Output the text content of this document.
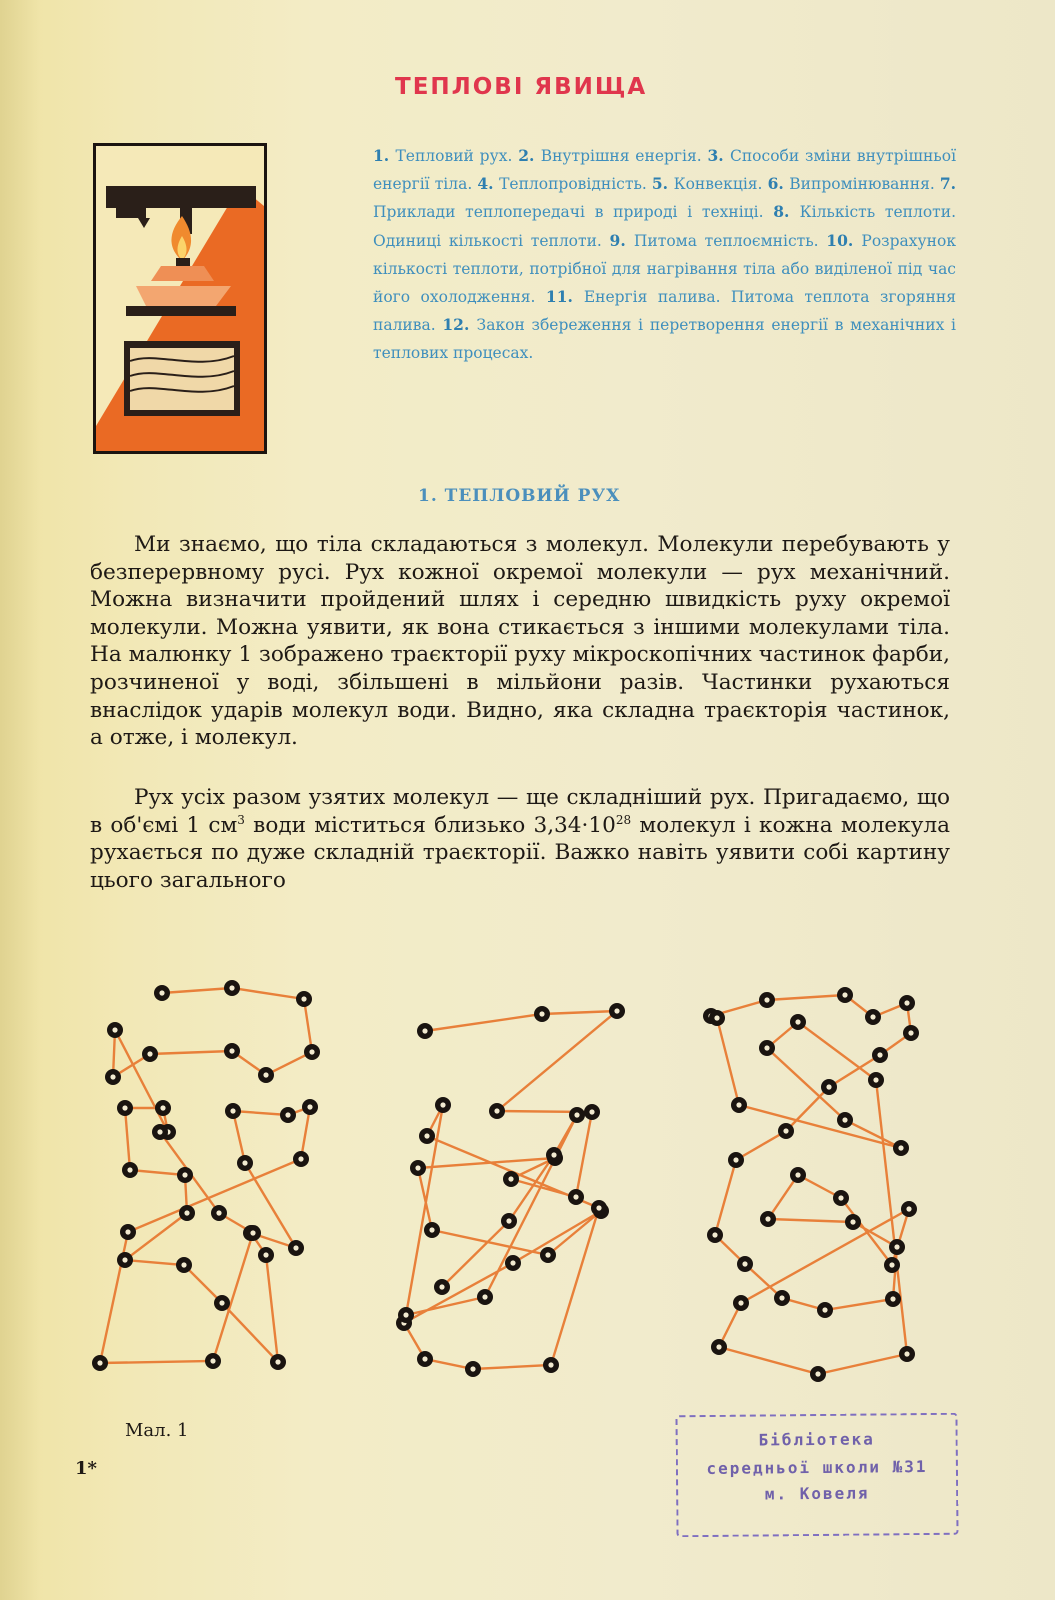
ТЕПЛОВІ ЯВИЩА
1. Тепловий рух. 2. Внутрішня енергія. 3. Способи зміни внутрішньої енергії тіла. 4. Теплопровідність. 5. Конвекція. 6. Випромінювання. 7. Приклади теплопередачі в природі і техніці. 8. Кількість теплоти. Одиниці кількості теплоти. 9. Питома теплоємність. 10. Розрахунок кількості теплоти, потрібної для нагрівання тіла або виділеної під час його охолодження. 11. Енергія палива. Питома теплота згоряння палива. 12. Закон збереження і перетворення енергії в механічних і теплових процесах.
1. ТЕПЛОВИЙ РУХ

Ми знаємо, що тіла складаються з молекул. Молекули перебувають у безперервному русі. Рух кожної окремої молекули — рух механічний. Можна визначити пройдений шлях і середню швидкість руху окремої молекули. Можна уявити, як вона стикається з іншими молекулами тіла. На малюнку 1 зображено траєкторії руху мікроскопічних частинок фарби, розчиненої у воді, збільшені в мільйони разів. Частинки рухаються внаслідок ударів молекул води. Видно, яка складна траєкторія частинок, а отже, і молекул.

Рух усіх разом узятих молекул — ще складніший рух. Пригадаємо, що в об'ємі 1 $см^3$ води міститься близько $3,34\cdot 10^{28}$ молекул і кожна молекула рухається по дуже складній траєкторії. Важко навіть уявити собі картину цього загального

Мал. 1
1*
Бібліотека
середньої школи №31
м. Ковеля
